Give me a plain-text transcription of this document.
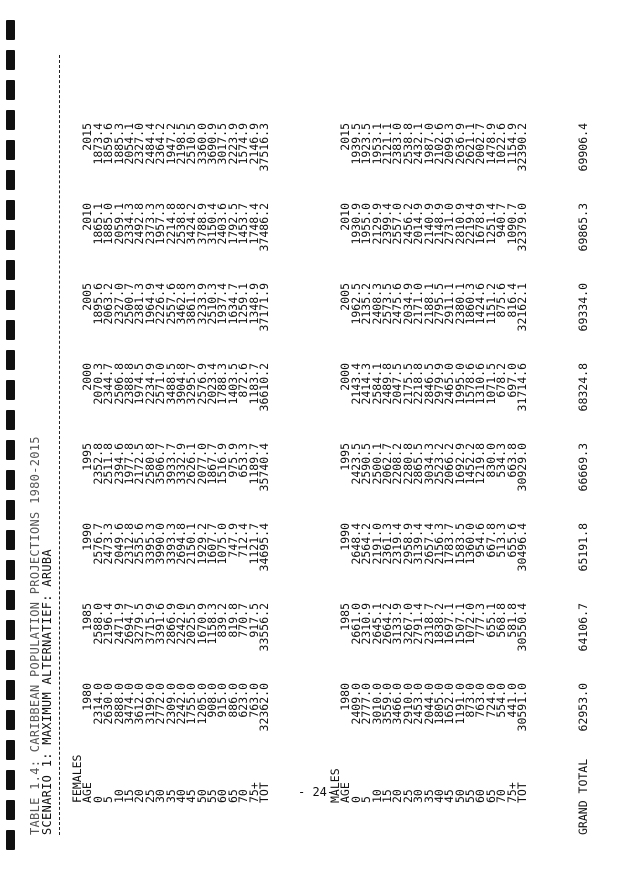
TABLE 1.4: CARIBBEAN POPULATION PROJECTIONS 1980-2015
SCENARIO 1: MAXIMUM ALTERNATIEF: ARUBA FEMALES
AGE
1980
1985
1990
1995
2000
2005
2010
2015
0
2314.0
2588.0
2576.7
2352.8
2070.3
1895.6
1865.1
1873.4
5
2630.0
2196.4
2473.3
2511.8
2344.7
2063.2
1885.0
1859.6
10
2888.0
2471.9
2049.6
2394.6
2506.8
2327.0
2059.1
1885.3
15
3474.0
2694.7
2312.8
1977.8
2388.8
2500.7
2334.3
2054.1
20
3612.0
3279.5
2535.6
2172.5
1974.5
2381.3
2492.8
2327.0
25
3199.0
3715.9
3395.3
2580.8
2234.9
1964.9
2373.3
2484.4
30
2772.0
3391.6
3990.0
3506.7
2571.0
2226.4
1957.3
2364.2
35
2309.0
2866.9
3393.3
3933.7
3488.5
2557.6
2214.8
1947.2
40
2242.0
2242.0
2694.8
3332.9
3904.8
3462.8
2538.8
2198.5
45
1755.0
2025.5
2150.1
2626.1
3295.7
3861.3
3424.2
2510.5
50
1205.0
1670.9
1929.2
2077.0
2576.9
3233.9
3788.9
3360.0
55
908.0
1158.3
1607.7
1867.7
2023.4
2510.3
3150.4
3690.9
60
915.0
839.2
1075.0
1516.9
1788.3
1937.4
2403.6
3017.5
65
886.0
819.8
747.9
975.9
1403.5
1634.7
1792.5
2223.9
70
623.0
770.7
712.4
653.3
872.6
1259.1
1453.7
1574.9
75+
763.0
917.5
1121.7
1189.7
1183.7
1348.9
1748.4
2146.9
TOT
32362.0
33556.2
34695.4
35740.4
36610.2
37171.9
37486.2
37516.3
MALES
AGE
1980
1985
1990
1995
2000
2005
2010
2015
0
2409.0
2661.0
2648.4
2423.5
2143.4
1962.5
1930.9
1939.5
5
2777.0
2310.9
2564.2
2590.5
2414.3
2135.2
1955.0
1923.5
10
3010.0
2645.1
2191.0
2500.1
2584.1
2408.3
2129.9
1953.1
15
3559.0
2664.2
2361.3
2062.7
2489.8
2573.5
2399.4
2121.1
20
3466.0
3133.9
2319.4
2208.2
2047.5
2475.6
2557.0
2383.0
25
2910.0
3267.0
2958.9
2280.8
2175.5
2034.9
2456.2
2538.8
30
2453.0
2791.4
3139.4
2865.5
2218.8
2171.0
2014.9
2432.1
35
2044.0
2318.7
2657.4
3034.3
2846.5
2188.1
2140.9
1987.0
40
1805.0
1838.2
2156.3
2523.2
2979.9
2795.5
2148.9
2102.6
45
1652.0
1697.1
1783.7
2066.2
2465.0
2911.1
2731.0
2099.3
50
1191.0
1507.1
1583.5
1692.9
1995.0
2380.1
2810.9
2636.9
55
873.0
1072.0
1360.0
1452.2
1578.6
1860.3
2219.4
2621.1
60
763.0
777.3
954.6
1219.8
1310.6
1424.6
1678.9
2002.7
65
724.0
655.1
667.8
830.0
1071.5
1151.2
1251.4
1478.9
70
554.0
568.8
513.3
534.3
678.2
875.6
940.7
1022.6
75+
441.0
581.8
655.6
663.8
697.0
816.4
1090.7
1154.9
TOT
30591.0
30550.4
30496.4
30929.0
31714.6
32162.1
32379.0
32390.2
GRAND TOTAL
62953.0
64106.7
65191.8
66669.3
68324.8
69334.0
69865.3
69906.4
- 24-
